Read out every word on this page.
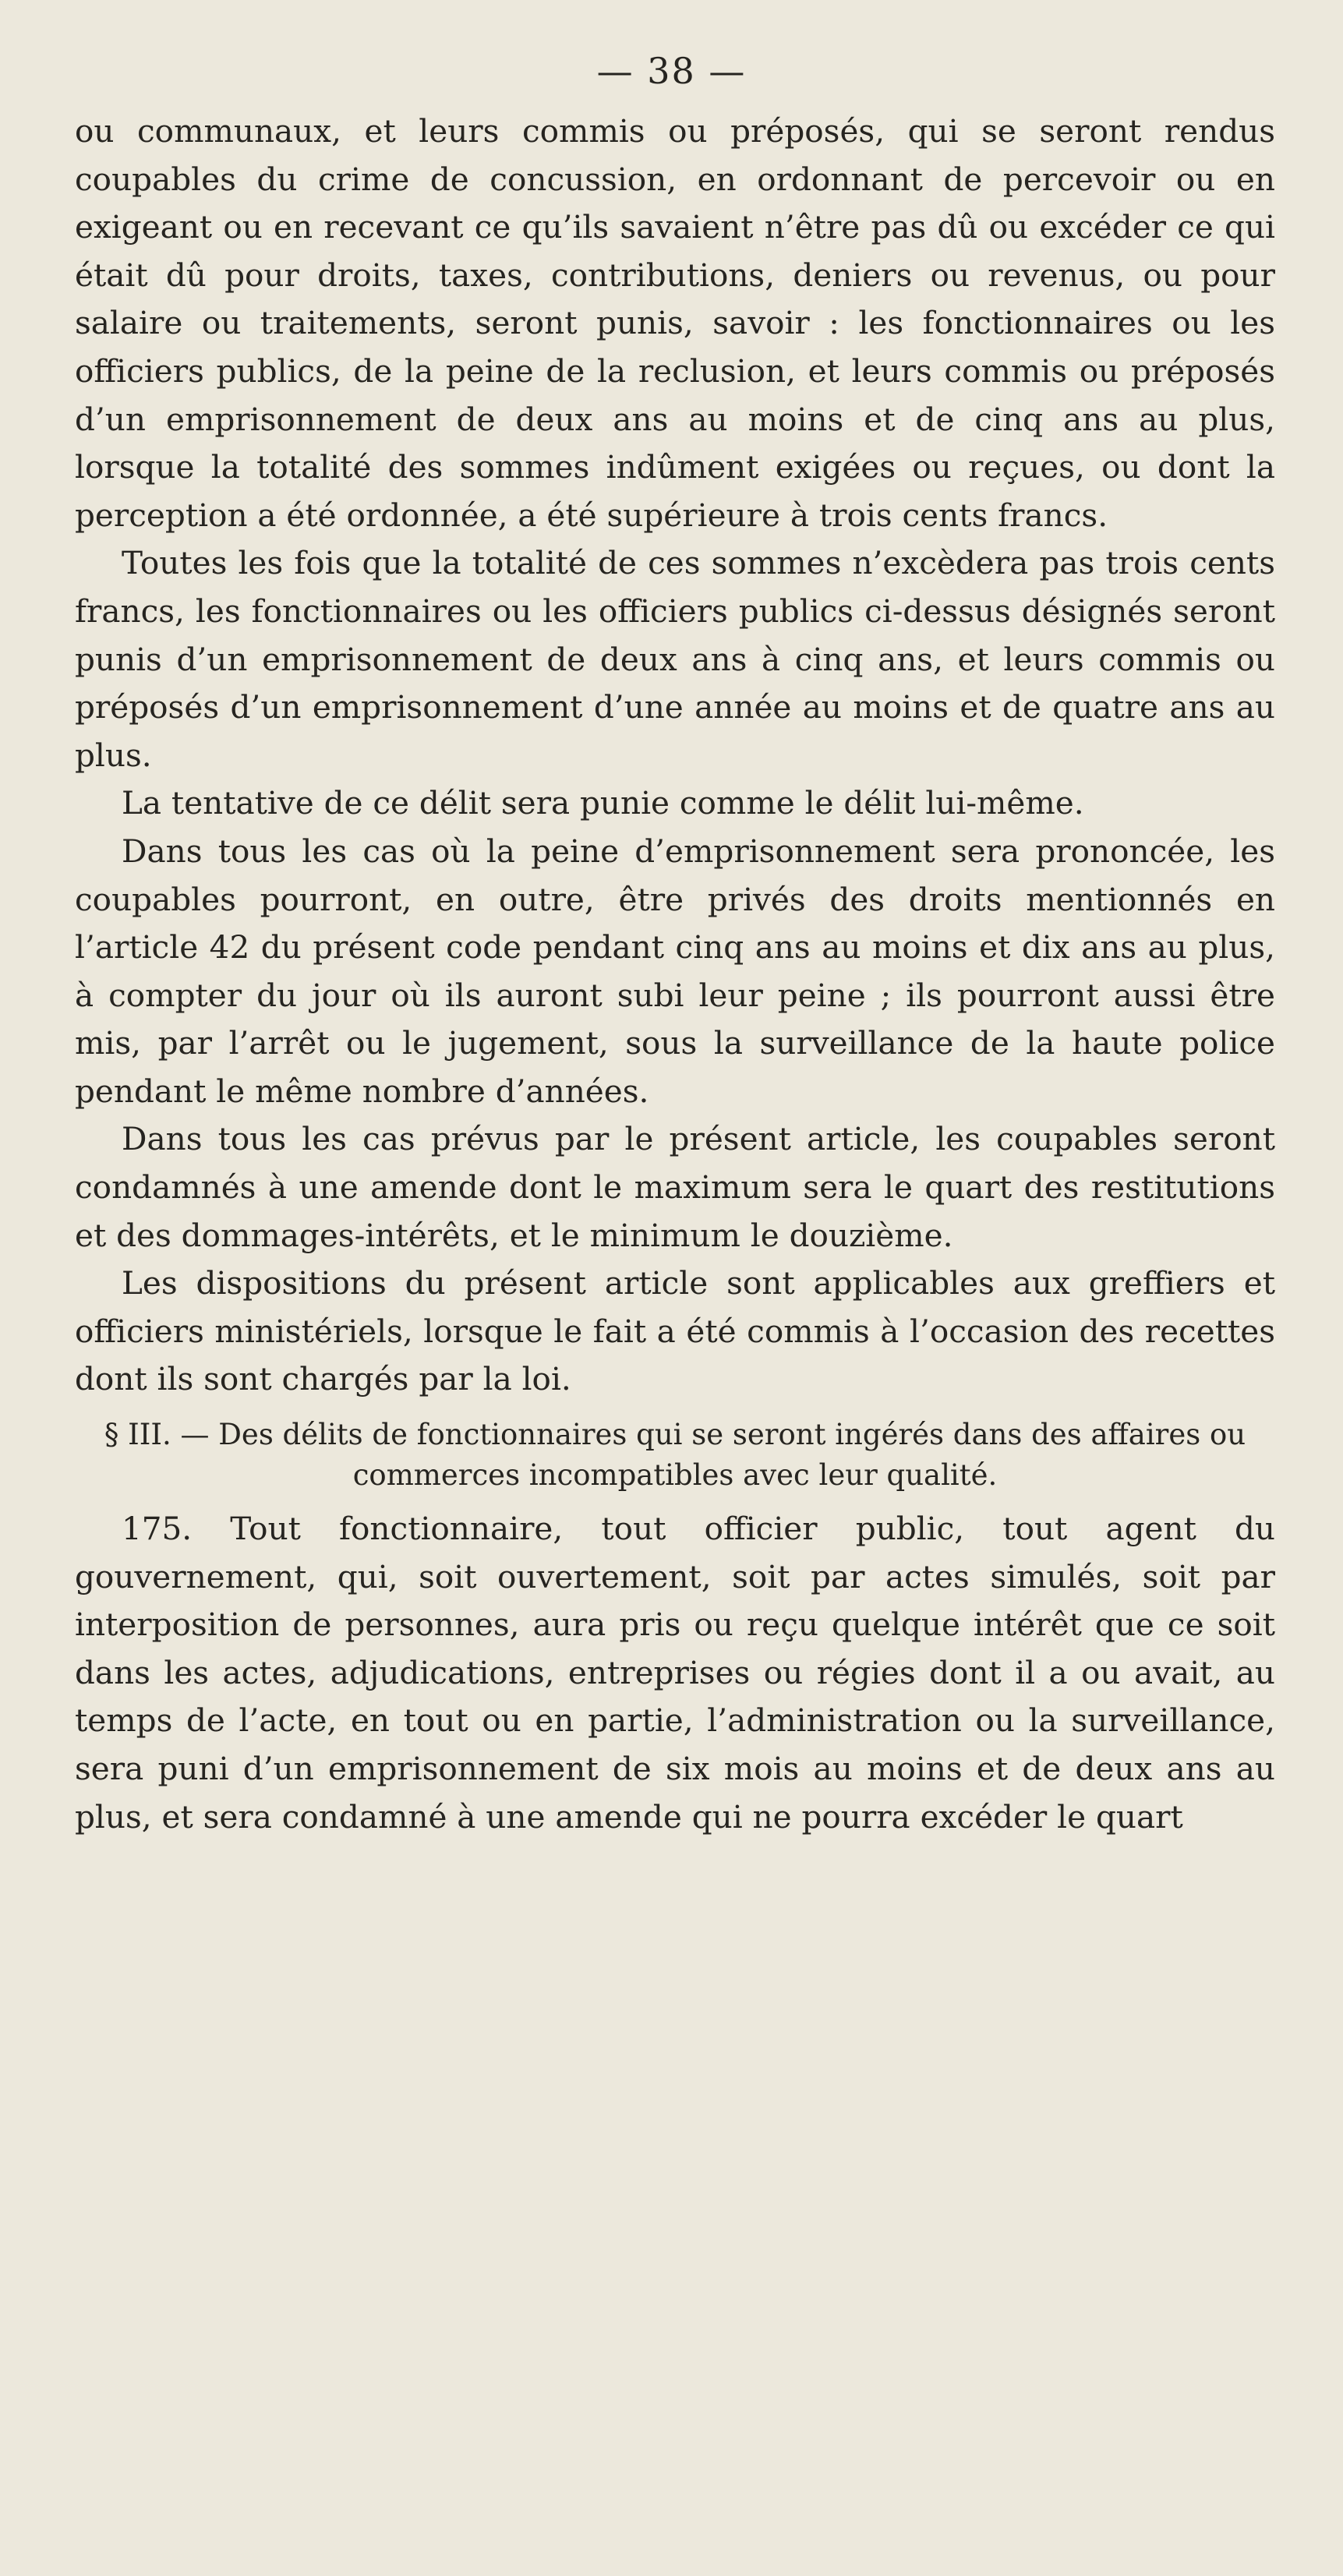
— 38 —

ou communaux, et leurs commis ou préposés, qui se seront rendus coupables du crime de concussion, en ordonnant de percevoir ou en exigeant ou en recevant ce qu’ils savaient n’être pas dû ou excéder ce qui était dû pour droits, taxes, contributions, deniers ou revenus, ou pour salaire ou traitements, seront punis, savoir : les fonctionnaires ou les officiers publics, de la peine de la reclusion, et leurs commis ou préposés d’un emprisonnement de deux ans au moins et de cinq ans au plus, lorsque la totalité des sommes indûment exigées ou reçues, ou dont la perception a été ordonnée, a été supérieure à trois cents francs.

Toutes les fois que la totalité de ces sommes n’excèdera pas trois cents francs, les fonctionnaires ou les officiers publics ci-dessus désignés seront punis d’un emprisonnement de deux ans à cinq ans, et leurs commis ou préposés d’un emprisonnement d’une année au moins et de quatre ans au plus.

La tentative de ce délit sera punie comme le délit lui-même.

Dans tous les cas où la peine d’emprisonnement sera prononcée, les coupables pourront, en outre, être privés des droits mentionnés en l’article 42 du présent code pendant cinq ans au moins et dix ans au plus, à compter du jour où ils auront subi leur peine ; ils pourront aussi être mis, par l’arrêt ou le jugement, sous la surveillance de la haute police pendant le même nombre d’années.

Dans tous les cas prévus par le présent article, les coupables seront condamnés à une amende dont le maximum sera le quart des restitutions et des dommages-intérêts, et le minimum le douzième.

Les dispositions du présent article sont applicables aux greffiers et officiers ministériels, lorsque le fait a été commis à l’occasion des recettes dont ils sont chargés par la loi.

§ III. — Des délits de fonctionnaires qui se seront ingérés dans des affaires ou commerces incompatibles avec leur qualité.

175. Tout fonctionnaire, tout officier public, tout agent du gouvernement, qui, soit ouvertement, soit par actes simulés, soit par interposition de personnes, aura pris ou reçu quelque intérêt que ce soit dans les actes, adjudications, entreprises ou régies dont il a ou avait, au temps de l’acte, en tout ou en partie, l’administration ou la surveillance, sera puni d’un emprisonnement de six mois au moins et de deux ans au plus, et sera condamné à une amende qui ne pourra excéder le quart
